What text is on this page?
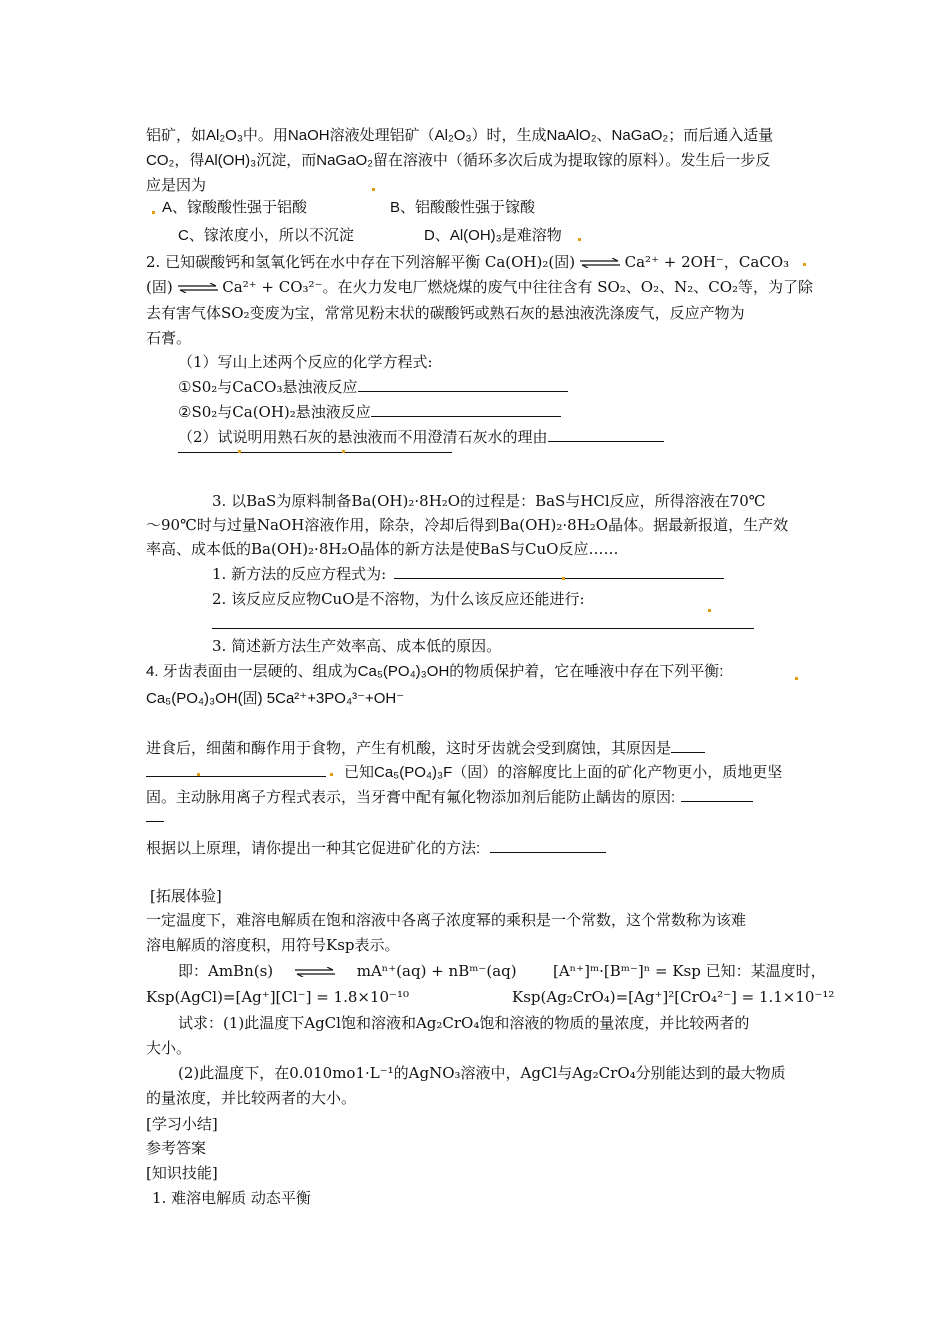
铝矿，如Al₂O₃中。用NaOH溶液处理铝矿（Al₂O₃）时，生成NaAlO₂、NaGaO₂；而后通入适量
CO₂，得Al(OH)₃沉淀，而NaGaO₂留在溶液中（循环多次后成为提取镓的原料）。发生后一步反
应是因为
A、镓酸酸性强于铝酸	B、铝酸酸性强于镓酸
C、镓浓度小，所以不沉淀	D、Al(OH)₃是难溶物
2. 已知碳酸钙和氢氧化钙在水中存在下列溶解平衡 Ca(OH)₂(固) ⇌ Ca²⁺ + 2OH⁻，CaCO₃
(固) ⇌ Ca²⁺ + CO₃²⁻。在火力发电厂燃烧煤的废气中往往含有 SO₂、O₂、N₂、CO₂等，为了除
去有害气体SO₂变废为宝，常常见粉末状的碳酸钙或熟石灰的悬浊液洗涤废气，反应产物为
石膏。
（1）写山上述两个反应的化学方程式:
①S0₂与CaCO₃悬浊液反应
②S0₂与Ca(OH)₂悬浊液反应
（2）试说明用熟石灰的悬浊液而不用澄清石灰水的理由
3. 以BaS为原料制备Ba(OH)₂·8H₂O的过程是：BaS与HCl反应，所得溶液在70℃
～90℃时与过量NaOH溶液作用，除杂，冷却后得到Ba(OH)₂·8H₂O晶体。据最新报道，生产效
率高、成本低的Ba(OH)₂·8H₂O晶体的新方法是使BaS与CuO反应……
1. 新方法的反应方程式为:
2. 该反应反应物CuO是不溶物，为什么该反应还能进行:
3. 简述新方法生产效率高、成本低的原因。
4. 牙齿表面由一层硬的、组成为Ca₅(PO₄)₃OH的物质保护着，它在唾液中存在下列平衡:
Ca₅(PO₄)₃OH(固) 5Ca²⁺+3PO₄³⁻+OH⁻
进食后，细菌和酶作用于食物，产生有机酸，这时牙齿就会受到腐蚀，其原因是
已知Ca₅(PO₄)₃F（固）的溶解度比上面的矿化产物更小，质地更坚
固。主动脉用离子方程式表示，当牙膏中配有氟化物添加剂后能防止龋齿的原因:
根据以上原理，请你提出一种其它促进矿化的方法:
[拓展体验]
一定温度下，难溶电解质在饱和溶液中各离子浓度幂的乘积是一个常数，这个常数称为该难
溶电解质的溶度积，用符号Ksp表示。
即：AmBn(s) ⇌ mAⁿ⁺(aq) + nBᵐ⁻(aq)	[Aⁿ⁺]ᵐ·[Bᵐ⁻]ⁿ = Ksp 已知：某温度时，
Ksp(AgCl)=[Ag⁺][Cl⁻] = 1.8×10⁻¹⁰	Ksp(Ag₂CrO₄)=[Ag⁺]²[CrO₄²⁻] = 1.1×10⁻¹²
试求：(1)此温度下AgCl饱和溶液和Ag₂CrO₄饱和溶液的物质的量浓度，并比较两者的
大小。
(2)此温度下，在0.010mo1·L⁻¹的AgNO₃溶液中，AgCl与Ag₂CrO₄分别能达到的最大物质
的量浓度，并比较两者的大小。
[学习小结]
参考答案
[知识技能]
1. 难溶电解质 动态平衡
